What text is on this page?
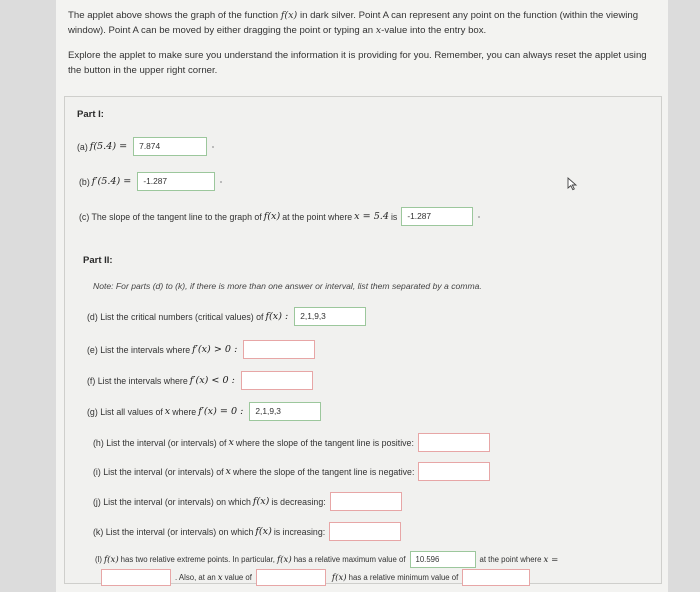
The applet above shows the graph of the function f(x) in dark silver. Point A can represent any point on the function (within the viewing window). Point A can be moved by either dragging the point or typing an x-value into the entry box.

Explore the applet to make sure you understand the information it is providing for you. Remember, you can always reset the applet using the button in the upper right corner.

Part I:
(a) f(5.4) =	7.874
(b) f′(5.4) =	-1.287
(c) The slope of the tangent line to the graph of f(x) at the point where x = 5.4 is	-1.287
Part II:
Note: For parts (d) to (k), if there is more than one answer or interval, list them separated by a comma.
(d) List the critical numbers (critical values) of f(x) :	2,1,9,3
(e) List the intervals where f′(x) > 0 :
(f) List the intervals where f′(x) < 0 :
(g) List all values of x where f′(x) = 0 :	2,1,9,3
(h) List the interval (or intervals) of x where the slope of the tangent line is positive:
(i) List the interval (or intervals) of x where the slope of the tangent line is negative:
(j) List the interval (or intervals) on which f(x) is decreasing:
(k) List the interval (or intervals) on which f(x) is increasing:
(l) f(x) has two relative extreme points. In particular, f(x) has a relative maximum value of	10.596	at the point where x =
. Also, at an x value of	f(x) has a relative minimum value of
